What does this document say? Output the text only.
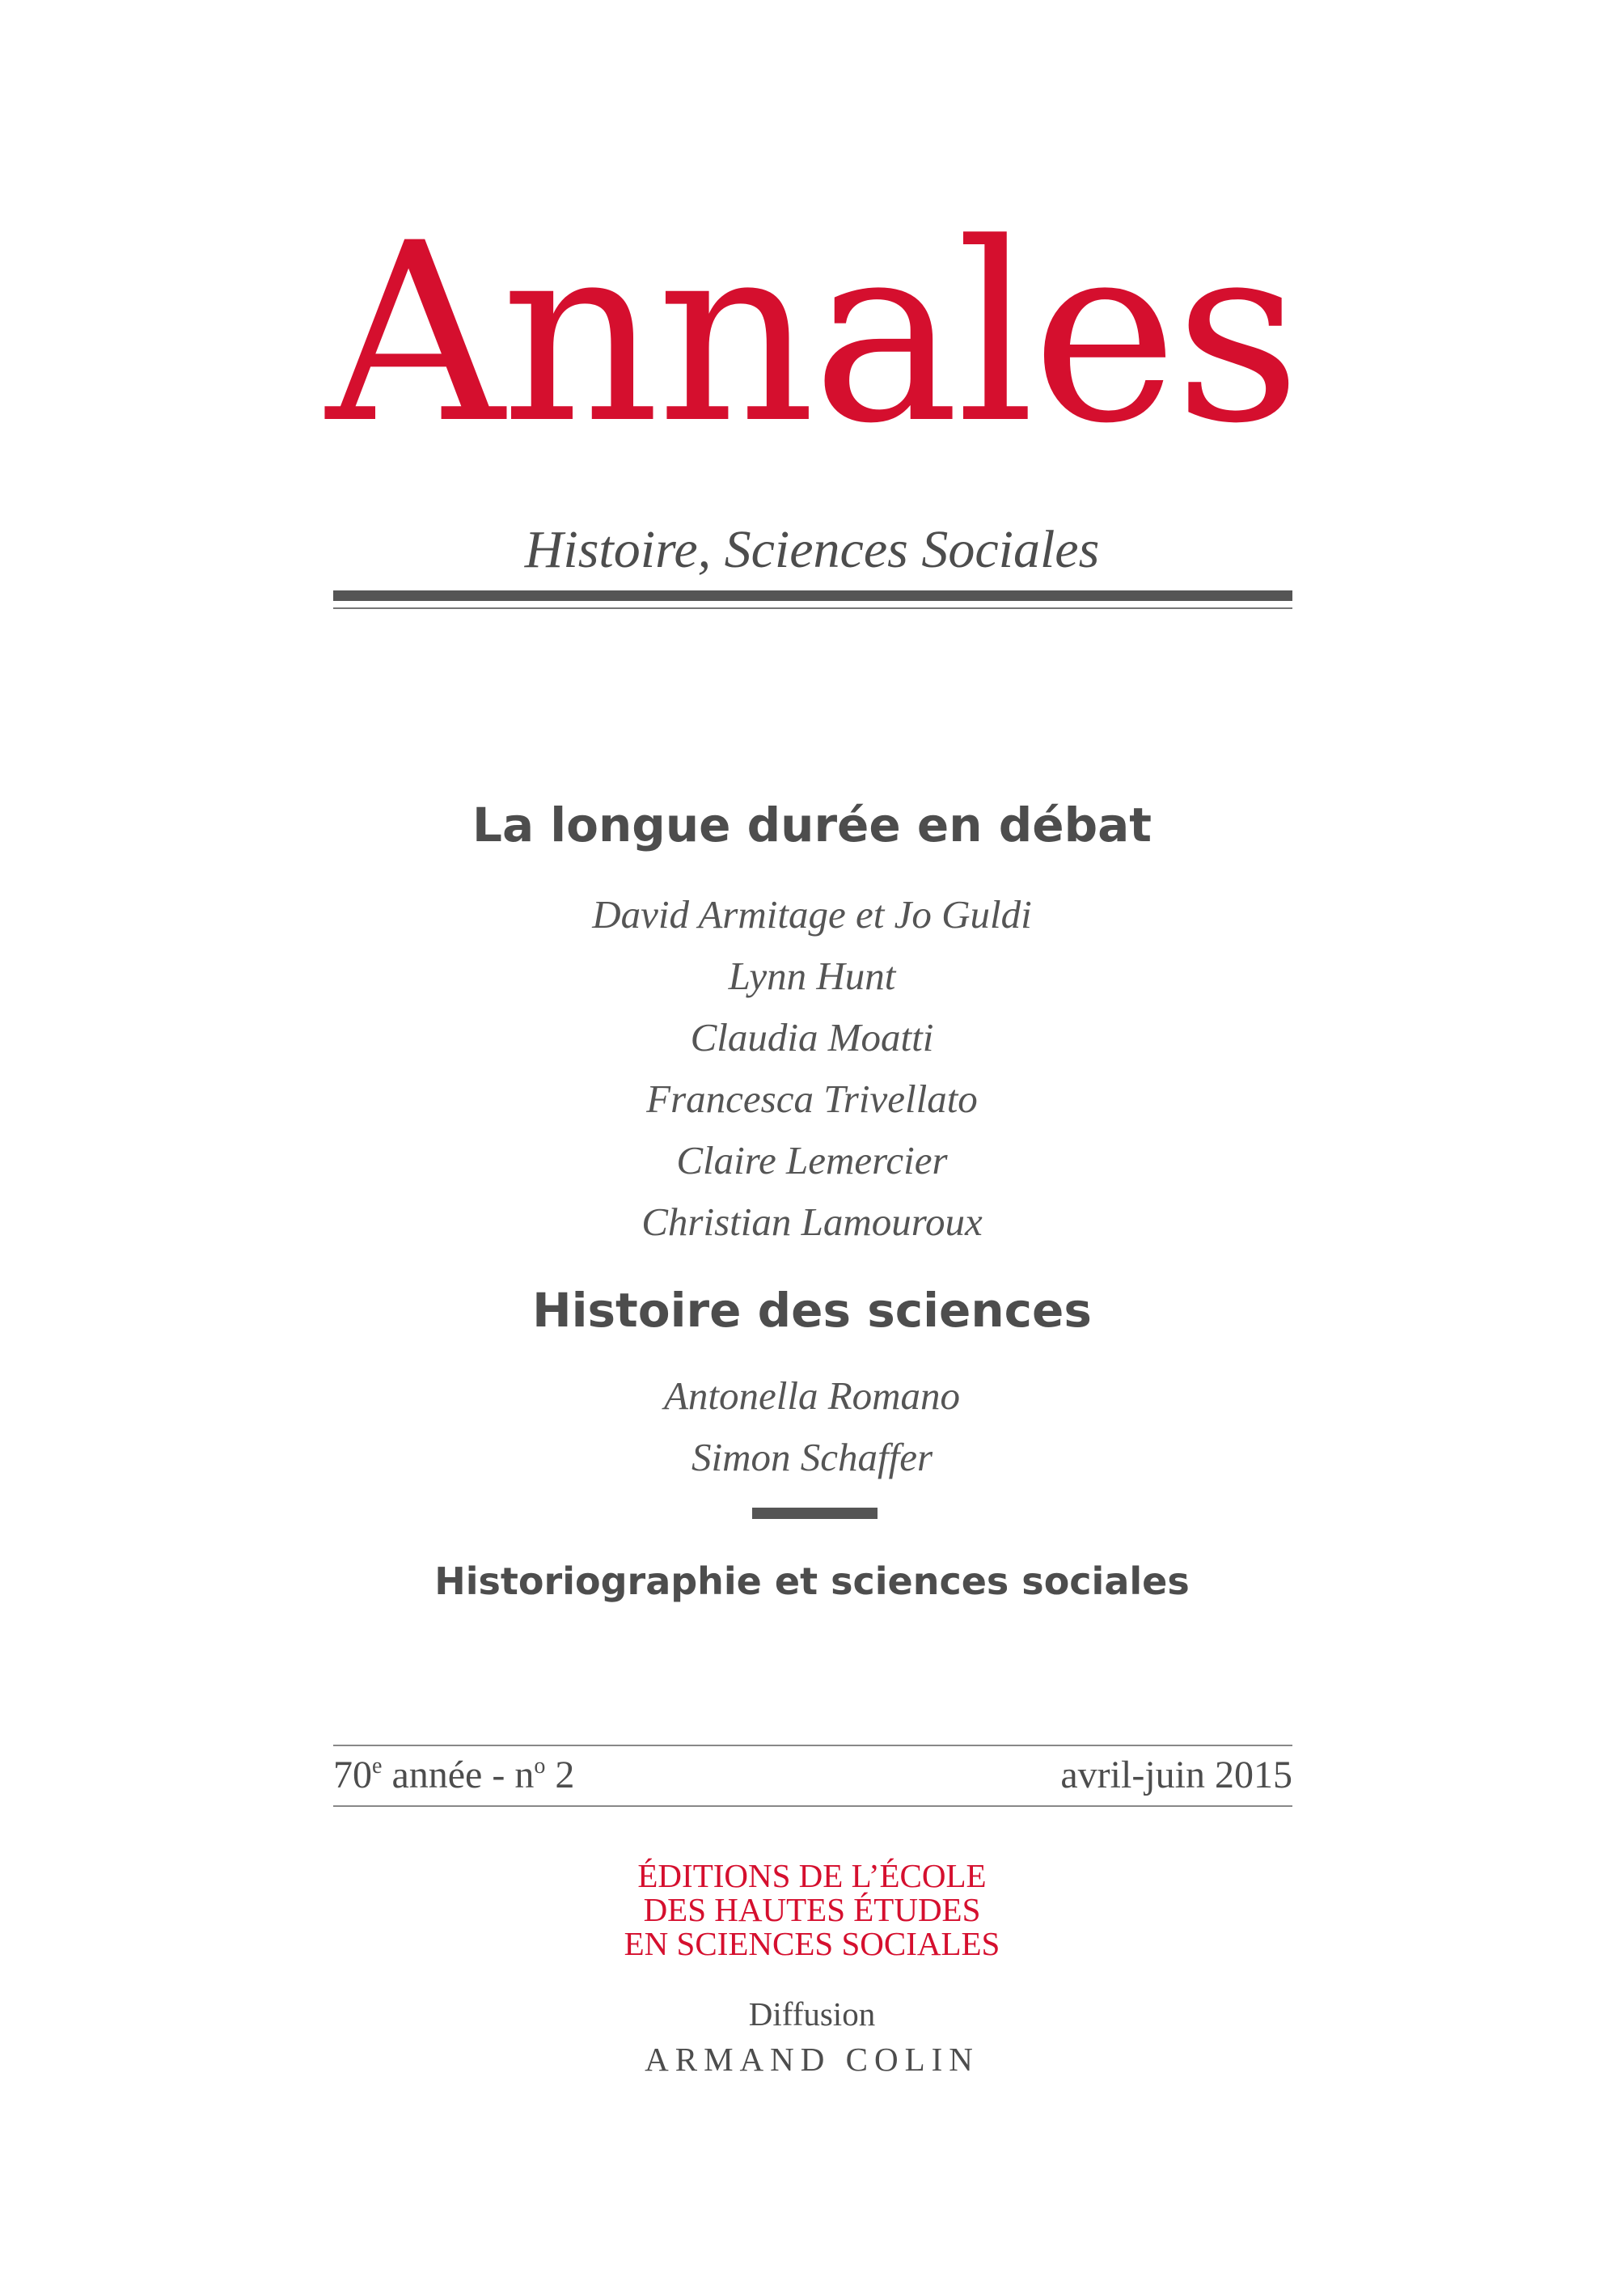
Annales
Histoire, Sciences Sociales
La longue durée en débat
David Armitage et Jo Guldi
Lynn Hunt
Claudia Moatti
Francesca Trivellato
Claire Lemercier
Christian Lamouroux
Histoire des sciences
Antonella Romano
Simon Schaffer
Historiographie et sciences sociales
70e année - $n^o$ 2	avril-juin 2015
ÉDITIONS DE L’ÉCOLE
DES HAUTES ÉTUDES
EN SCIENCES SOCIALES
Diffusion
ARMAND COLIN
